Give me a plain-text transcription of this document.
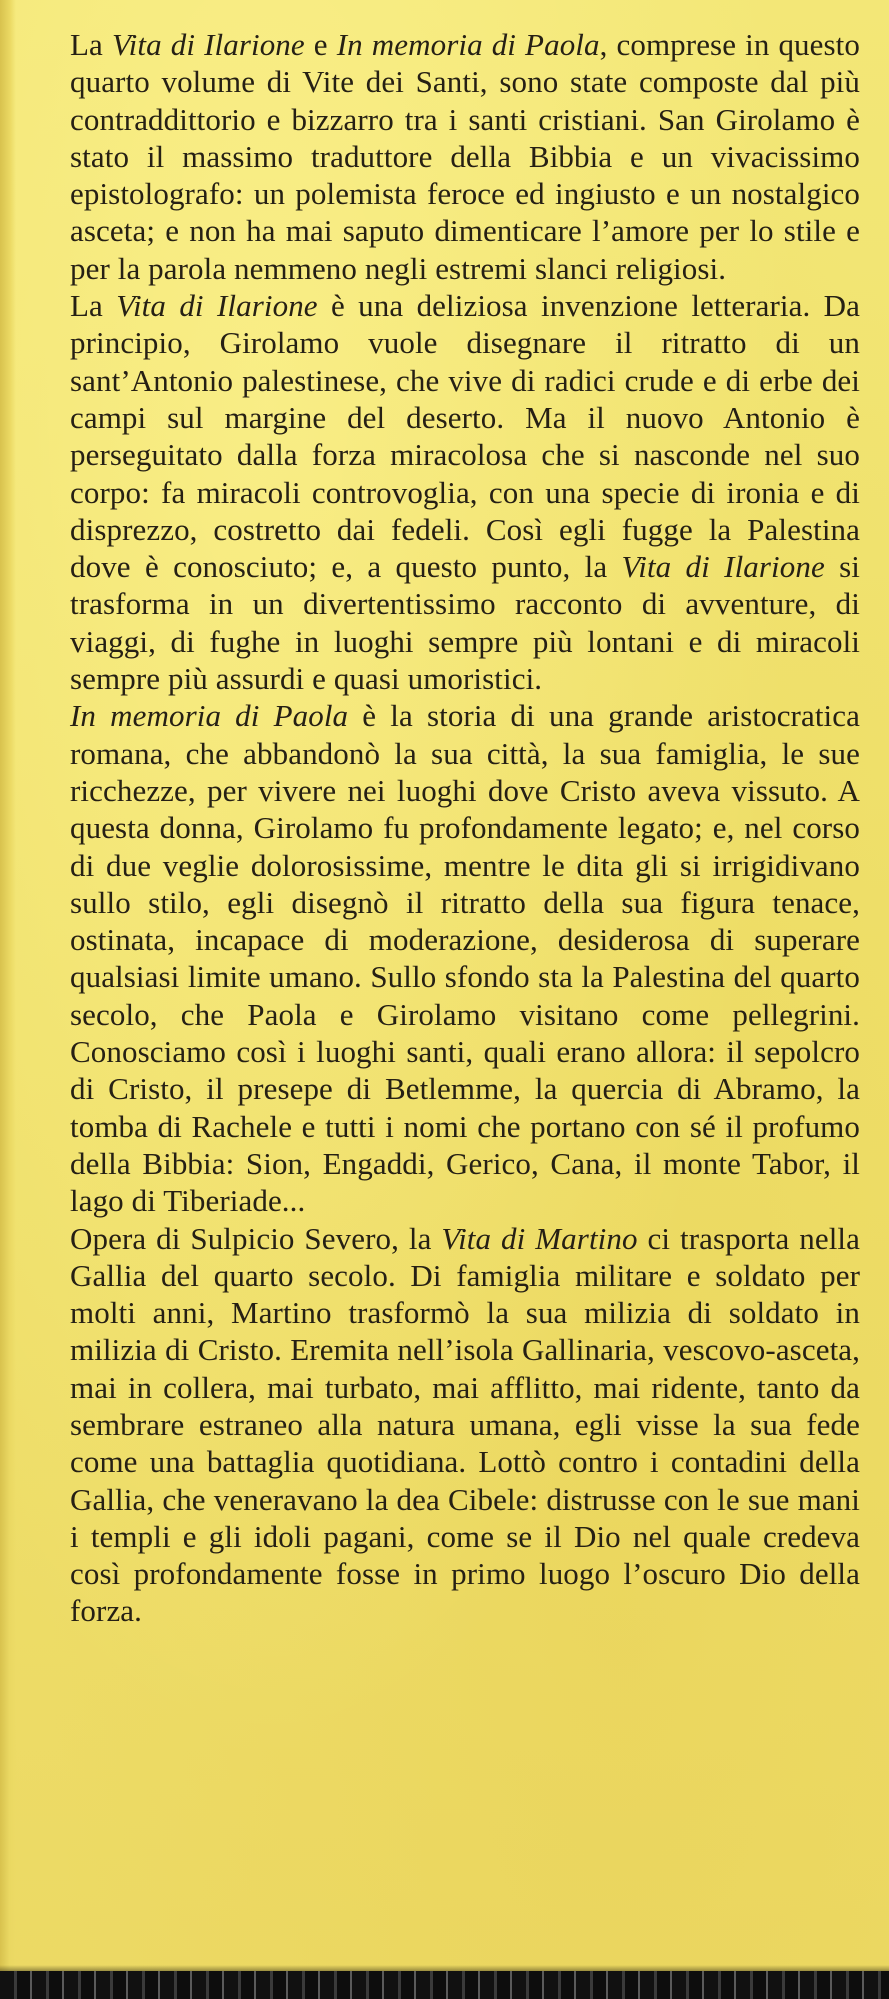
La Vita di Ilarione e In memoria di Paola, comprese in questo quarto volume di Vite dei Santi, sono state composte dal più contraddittorio e bizzarro tra i santi cristiani. San Girolamo è stato il massimo traduttore della Bibbia e un vivacissimo epistolografo: un polemista feroce ed ingiusto e un nostalgico asceta; e non ha mai saputo dimenticare l’amore per lo stile e per la parola nemmeno negli estremi slanci religiosi.

La Vita di Ilarione è una deliziosa invenzione letteraria. Da principio, Girolamo vuole disegnare il ritratto di un sant’Antonio palestinese, che vive di radici crude e di erbe dei campi sul margine del deserto. Ma il nuovo Antonio è perseguitato dalla forza miracolosa che si nasconde nel suo corpo: fa miracoli controvoglia, con una specie di ironia e di disprezzo, costretto dai fedeli. Così egli fugge la Palestina dove è conosciuto; e, a questo punto, la Vita di Ilarione si trasforma in un divertentissimo racconto di avventure, di viaggi, di fughe in luoghi sempre più lontani e di miracoli sempre più assurdi e quasi umoristici.

In memoria di Paola è la storia di una grande aristocratica romana, che abbandonò la sua città, la sua famiglia, le sue ricchezze, per vivere nei luoghi dove Cristo aveva vissuto. A questa donna, Girolamo fu profondamente legato; e, nel corso di due veglie dolorosissime, mentre le dita gli si irrigidivano sullo stilo, egli disegnò il ritratto della sua figura tenace, ostinata, incapace di moderazione, desiderosa di superare qualsiasi limite umano. Sullo sfondo sta la Palestina del quarto secolo, che Paola e Girolamo visitano come pellegrini. Conosciamo così i luoghi santi, quali erano allora: il sepolcro di Cristo, il presepe di Betlemme, la quercia di Abramo, la tomba di Rachele e tutti i nomi che portano con sé il profumo della Bibbia: Sion, Engaddi, Gerico, Cana, il monte Tabor, il lago di Tiberiade...

Opera di Sulpicio Severo, la Vita di Martino ci trasporta nella Gallia del quarto secolo. Di famiglia militare e soldato per molti anni, Martino trasformò la sua milizia di soldato in milizia di Cristo. Eremita nell’isola Gallinaria, vescovo-asceta, mai in collera, mai turbato, mai afflitto, mai ridente, tanto da sembrare estraneo alla natura umana, egli visse la sua fede come una battaglia quotidiana. Lottò contro i contadini della Gallia, che veneravano la dea Cibele: distrusse con le sue mani i templi e gli idoli pagani, come se il Dio nel quale credeva così profondamente fosse in primo luogo l’oscuro Dio della forza.
